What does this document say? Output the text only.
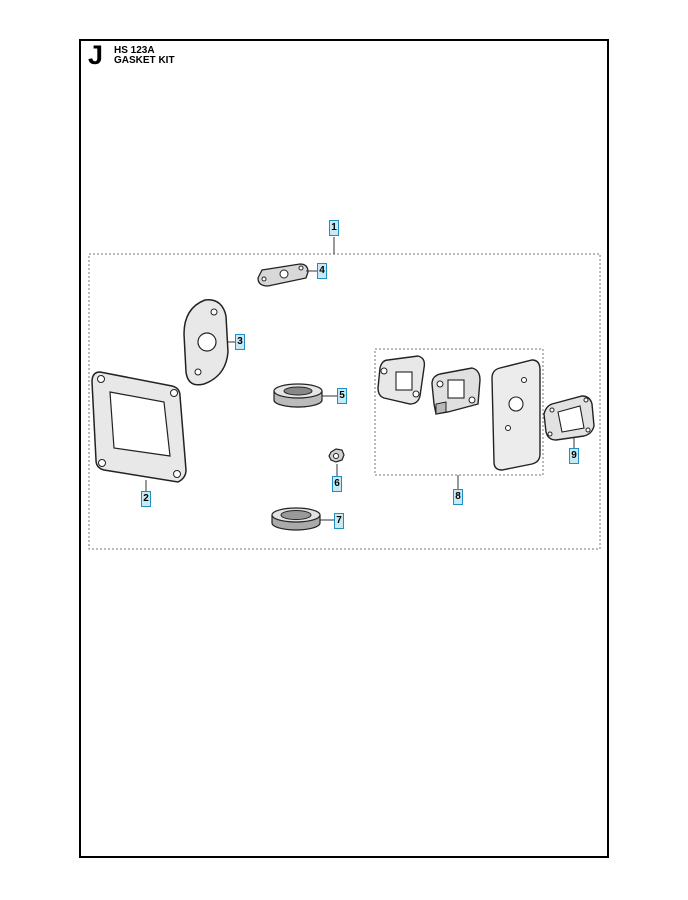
J HS 123A
GASKET KIT
1
2
3
4
5
6
7
8
9
